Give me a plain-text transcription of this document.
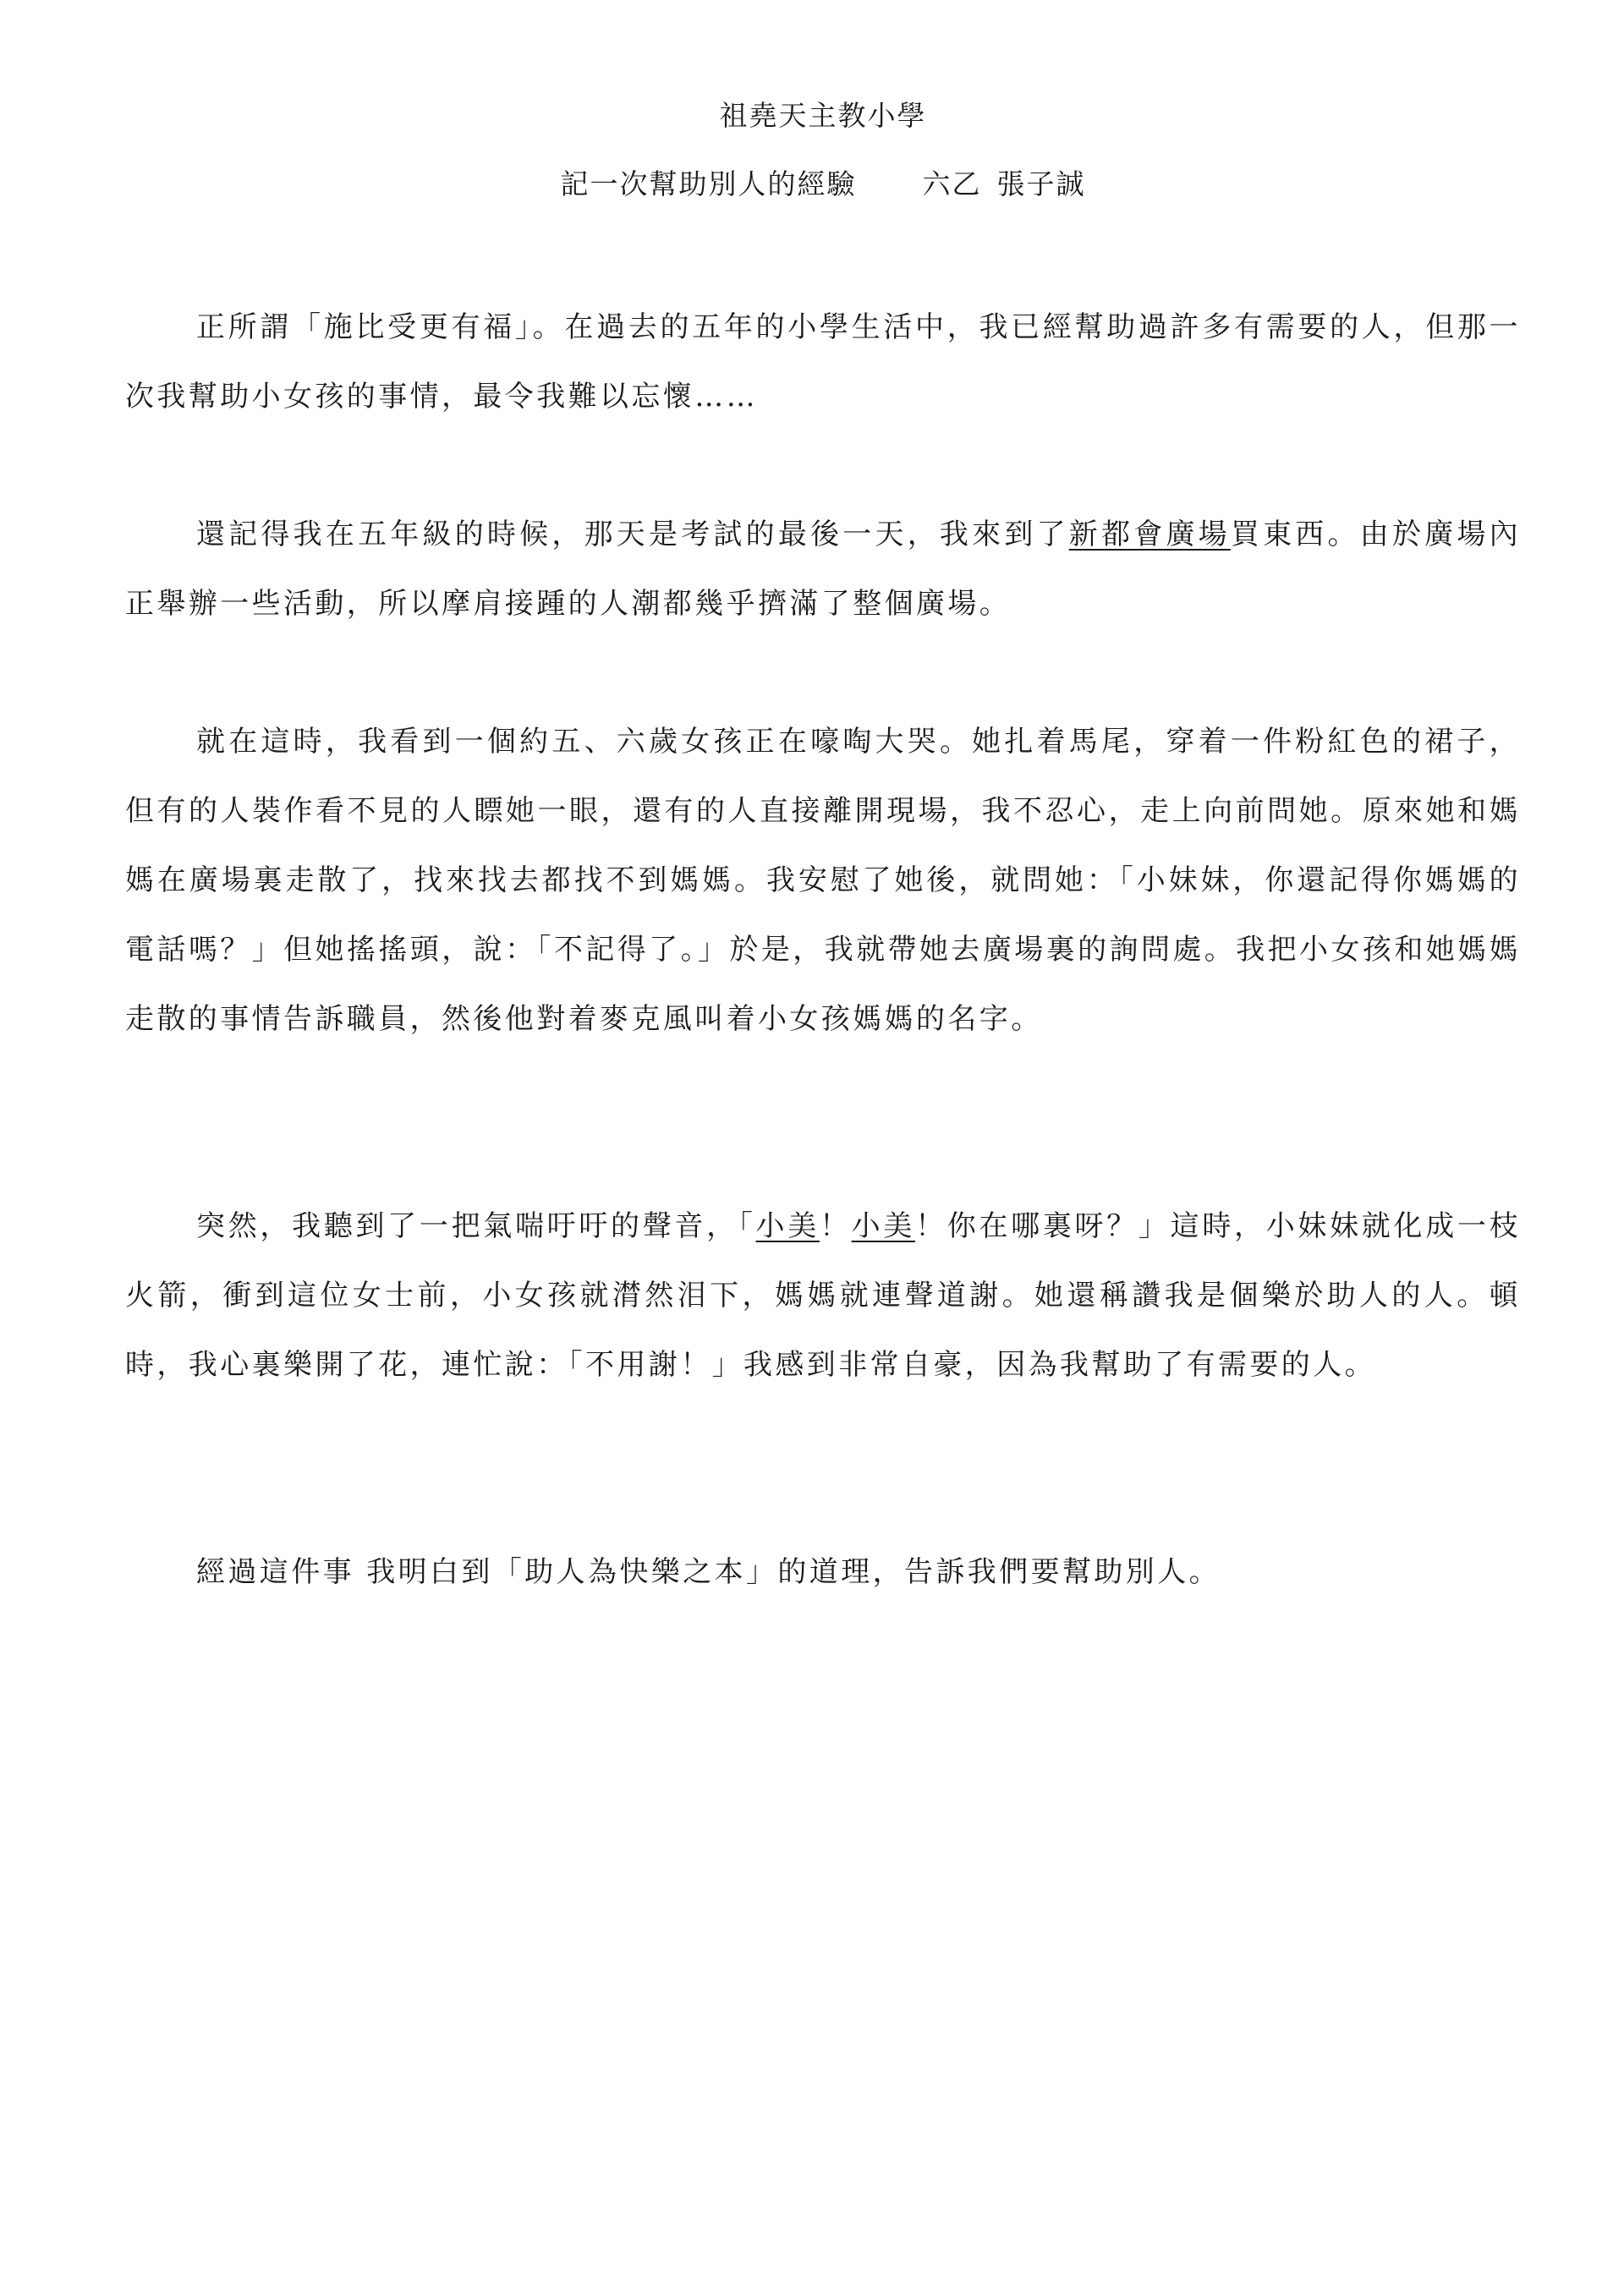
祖堯天主教小學
記一次幫助別人的經驗 六乙 張子誠

正所謂「施比受更有福」。在過去的五年的小學生活中，我已經幫助過許多有需要的人，但那一次我幫助小女孩的事情，最令我難以忘懷……

還記得我在五年級的時候，那天是考試的最後一天，我來到了新都會廣場買東西。由於廣場內正舉辦一些活動，所以摩肩接踵的人潮都幾乎擠滿了整個廣場。

就在這時，我看到一個約五、六歲女孩正在嚎啕大哭。她扎着馬尾，穿着一件粉紅色的裙子，但有的人裝作看不見的人瞟她一眼，還有的人直接離開現場，我不忍心，走上向前問她。原來她和媽媽在廣場裏走散了，找來找去都找不到媽媽。我安慰了她後，就問她：「小妹妹，你還記得你媽媽的電話嗎？」但她搖搖頭，說：「不記得了。」於是，我就帶她去廣場裏的詢問處。我把小女孩和她媽媽走散的事情告訴職員，然後他對着麥克風叫着小女孩媽媽的名字。

突然，我聽到了一把氣喘吁吁的聲音，「小美！小美！你在哪裏呀？」這時，小妹妹就化成一枝火箭，衝到這位女士前，小女孩就潸然泪下，媽媽就連聲道謝。她還稱讚我是個樂於助人的人。頓時，我心裏樂開了花，連忙說：「不用謝！」我感到非常自豪，因為我幫助了有需要的人。

經過這件事 我明白到「助人為快樂之本」的道理，告訴我們要幫助別人。
